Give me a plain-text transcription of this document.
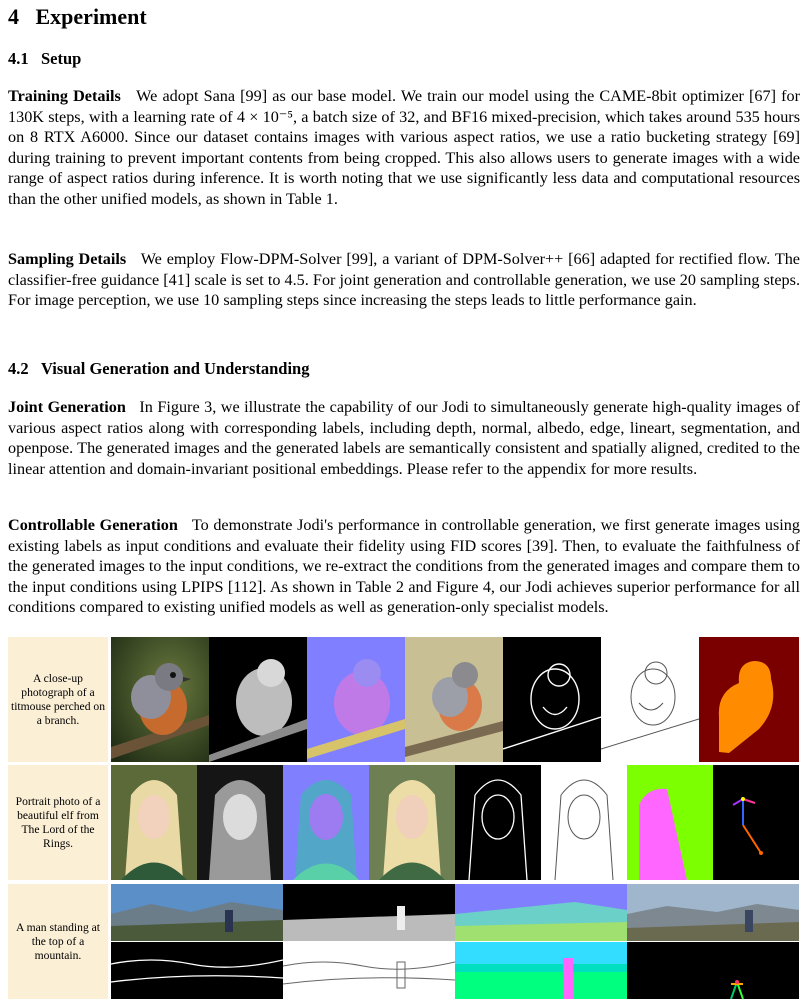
4 Experiment
4.1 Setup

Training Details We adopt Sana [99] as our base model. We train our model using the CAME-8bit optimizer [67] for 130K steps, with a learning rate of 4 × 10⁻⁵, a batch size of 32, and BF16 mixed-precision, which takes around 535 hours on 8 RTX A6000. Since our dataset contains images with various aspect ratios, we use a ratio bucketing strategy [69] during training to prevent important contents from being cropped. This also allows users to generate images with a wide range of aspect ratios during inference. It is worth noting that we use significantly less data and computational resources than the other unified models, as shown in Table 1.

Sampling Details We employ Flow-DPM-Solver [99], a variant of DPM-Solver++ [66] adapted for rectified flow. The classifier-free guidance [41] scale is set to 4.5. For joint generation and controllable generation, we use 20 sampling steps. For image perception, we use 10 sampling steps since increasing the steps leads to little performance gain.

4.2 Visual Generation and Understanding

Joint Generation In Figure 3, we illustrate the capability of our Jodi to simultaneously generate high-quality images of various aspect ratios along with corresponding labels, including depth, normal, albedo, edge, lineart, segmentation, and openpose. The generated images and the generated labels are semantically consistent and spatially aligned, credited to the linear attention and domain-invariant positional embeddings. Please refer to the appendix for more results.

Controllable Generation To demonstrate Jodi's performance in controllable generation, we first generate images using existing labels as input conditions and evaluate their fidelity using FID scores [39]. Then, to evaluate the faithfulness of the generated images to the input conditions, we re-extract the conditions from the generated images and compare them to the input conditions using LPIPS [112]. As shown in Table 2 and Figure 4, our Jodi achieves superior performance for all conditions compared to existing unified models as well as generation-only specialist models.

A close-up photograph of a titmouse perched on a branch.
Portrait photo of a beautiful elf from The Lord of the Rings.
A man standing at the top of a mountain.
